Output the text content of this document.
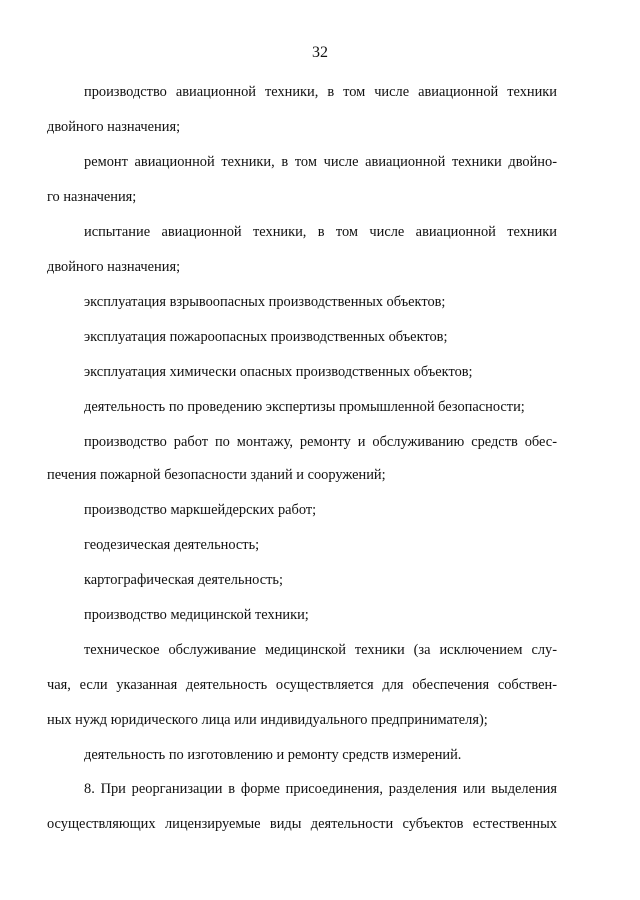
32
производство авиационной техники, в том числе авиационной техники
двойного назначения;
ремонт авиационной техники, в том числе авиационной техники двойно-
го назначения;
испытание авиационной техники, в том числе авиационной техники
двойного назначения;
эксплуатация взрывоопасных производственных объектов;
эксплуатация пожароопасных производственных объектов;
эксплуатация химически опасных производственных объектов;
деятельность по проведению экспертизы промышленной безопасности;
производство работ по монтажу, ремонту и обслуживанию средств обес-
печения пожарной безопасности зданий и сооружений;
производство маркшейдерских работ;
геодезическая деятельность;
картографическая деятельность;
производство медицинской техники;
техническое обслуживание медицинской техники (за исключением слу-
чая, если указанная деятельность осуществляется для обеспечения собствен-
ных нужд юридического лица или индивидуального предпринимателя);
деятельность по изготовлению и ремонту средств измерений.
8. При реорганизации в форме присоединения, разделения или выделения
осуществляющих лицензируемые виды деятельности субъектов естественных
